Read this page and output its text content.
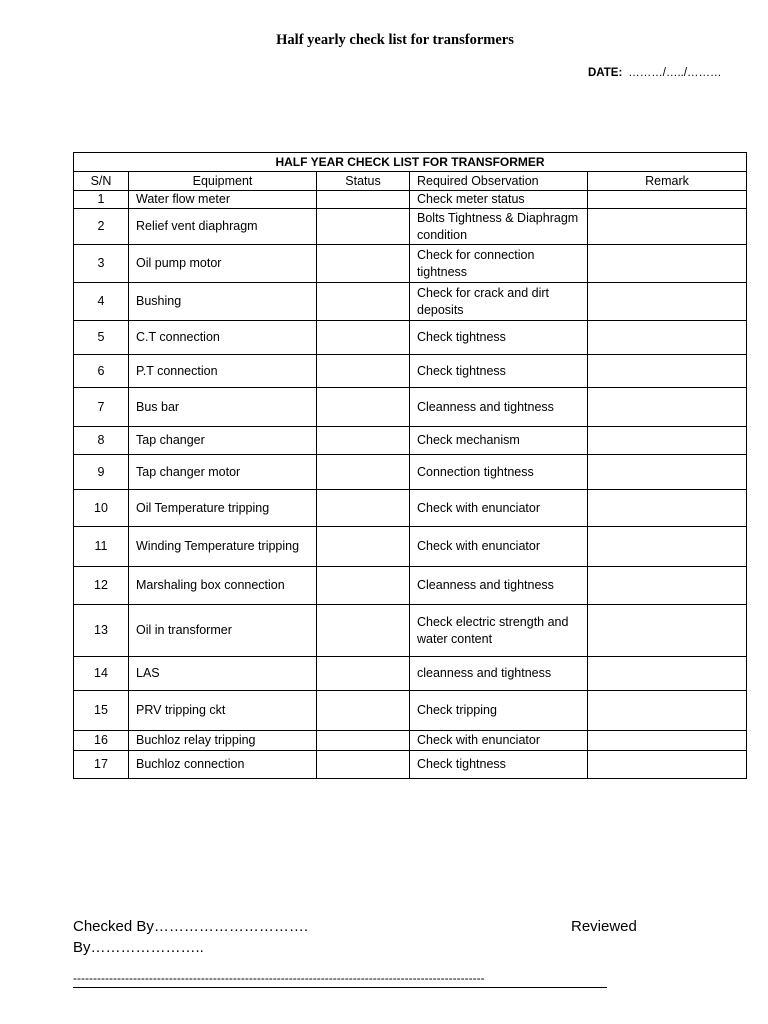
Half yearly check list for transformers
DATE: ………/…../………
HALF YEAR CHECK LIST FOR TRANSFORMER				
S/N	Equipment	Status	Required Observation	Remark
1	Water flow meter		Check meter status	
2	Relief vent diaphragm		Bolts Tightness & Diaphragm condition	
3	Oil pump motor		Check for connection tightness	
4	Bushing		Check for crack and dirt deposits	
5	C.T connection		Check tightness	
6	P.T connection		Check tightness	
7	Bus bar		Cleanness and tightness	
8	Tap changer		Check mechanism	
9	Tap changer motor		Connection tightness	
10	Oil Temperature tripping		Check with enunciator	
11	Winding Temperature tripping		Check with enunciator	
12	Marshaling box connection		Cleanness and tightness	
13	Oil in transformer		Check electric strength and water content	
14	LAS		cleanness and tightness	
15	PRV tripping ckt		Check tripping	
16	Buchloz relay tripping		Check with enunciator	
17	Buchloz connection		Check tightness	
Checked By………………………….	Reviewed
By…………………..
-------------------------------------------------------------------------------------------------------
